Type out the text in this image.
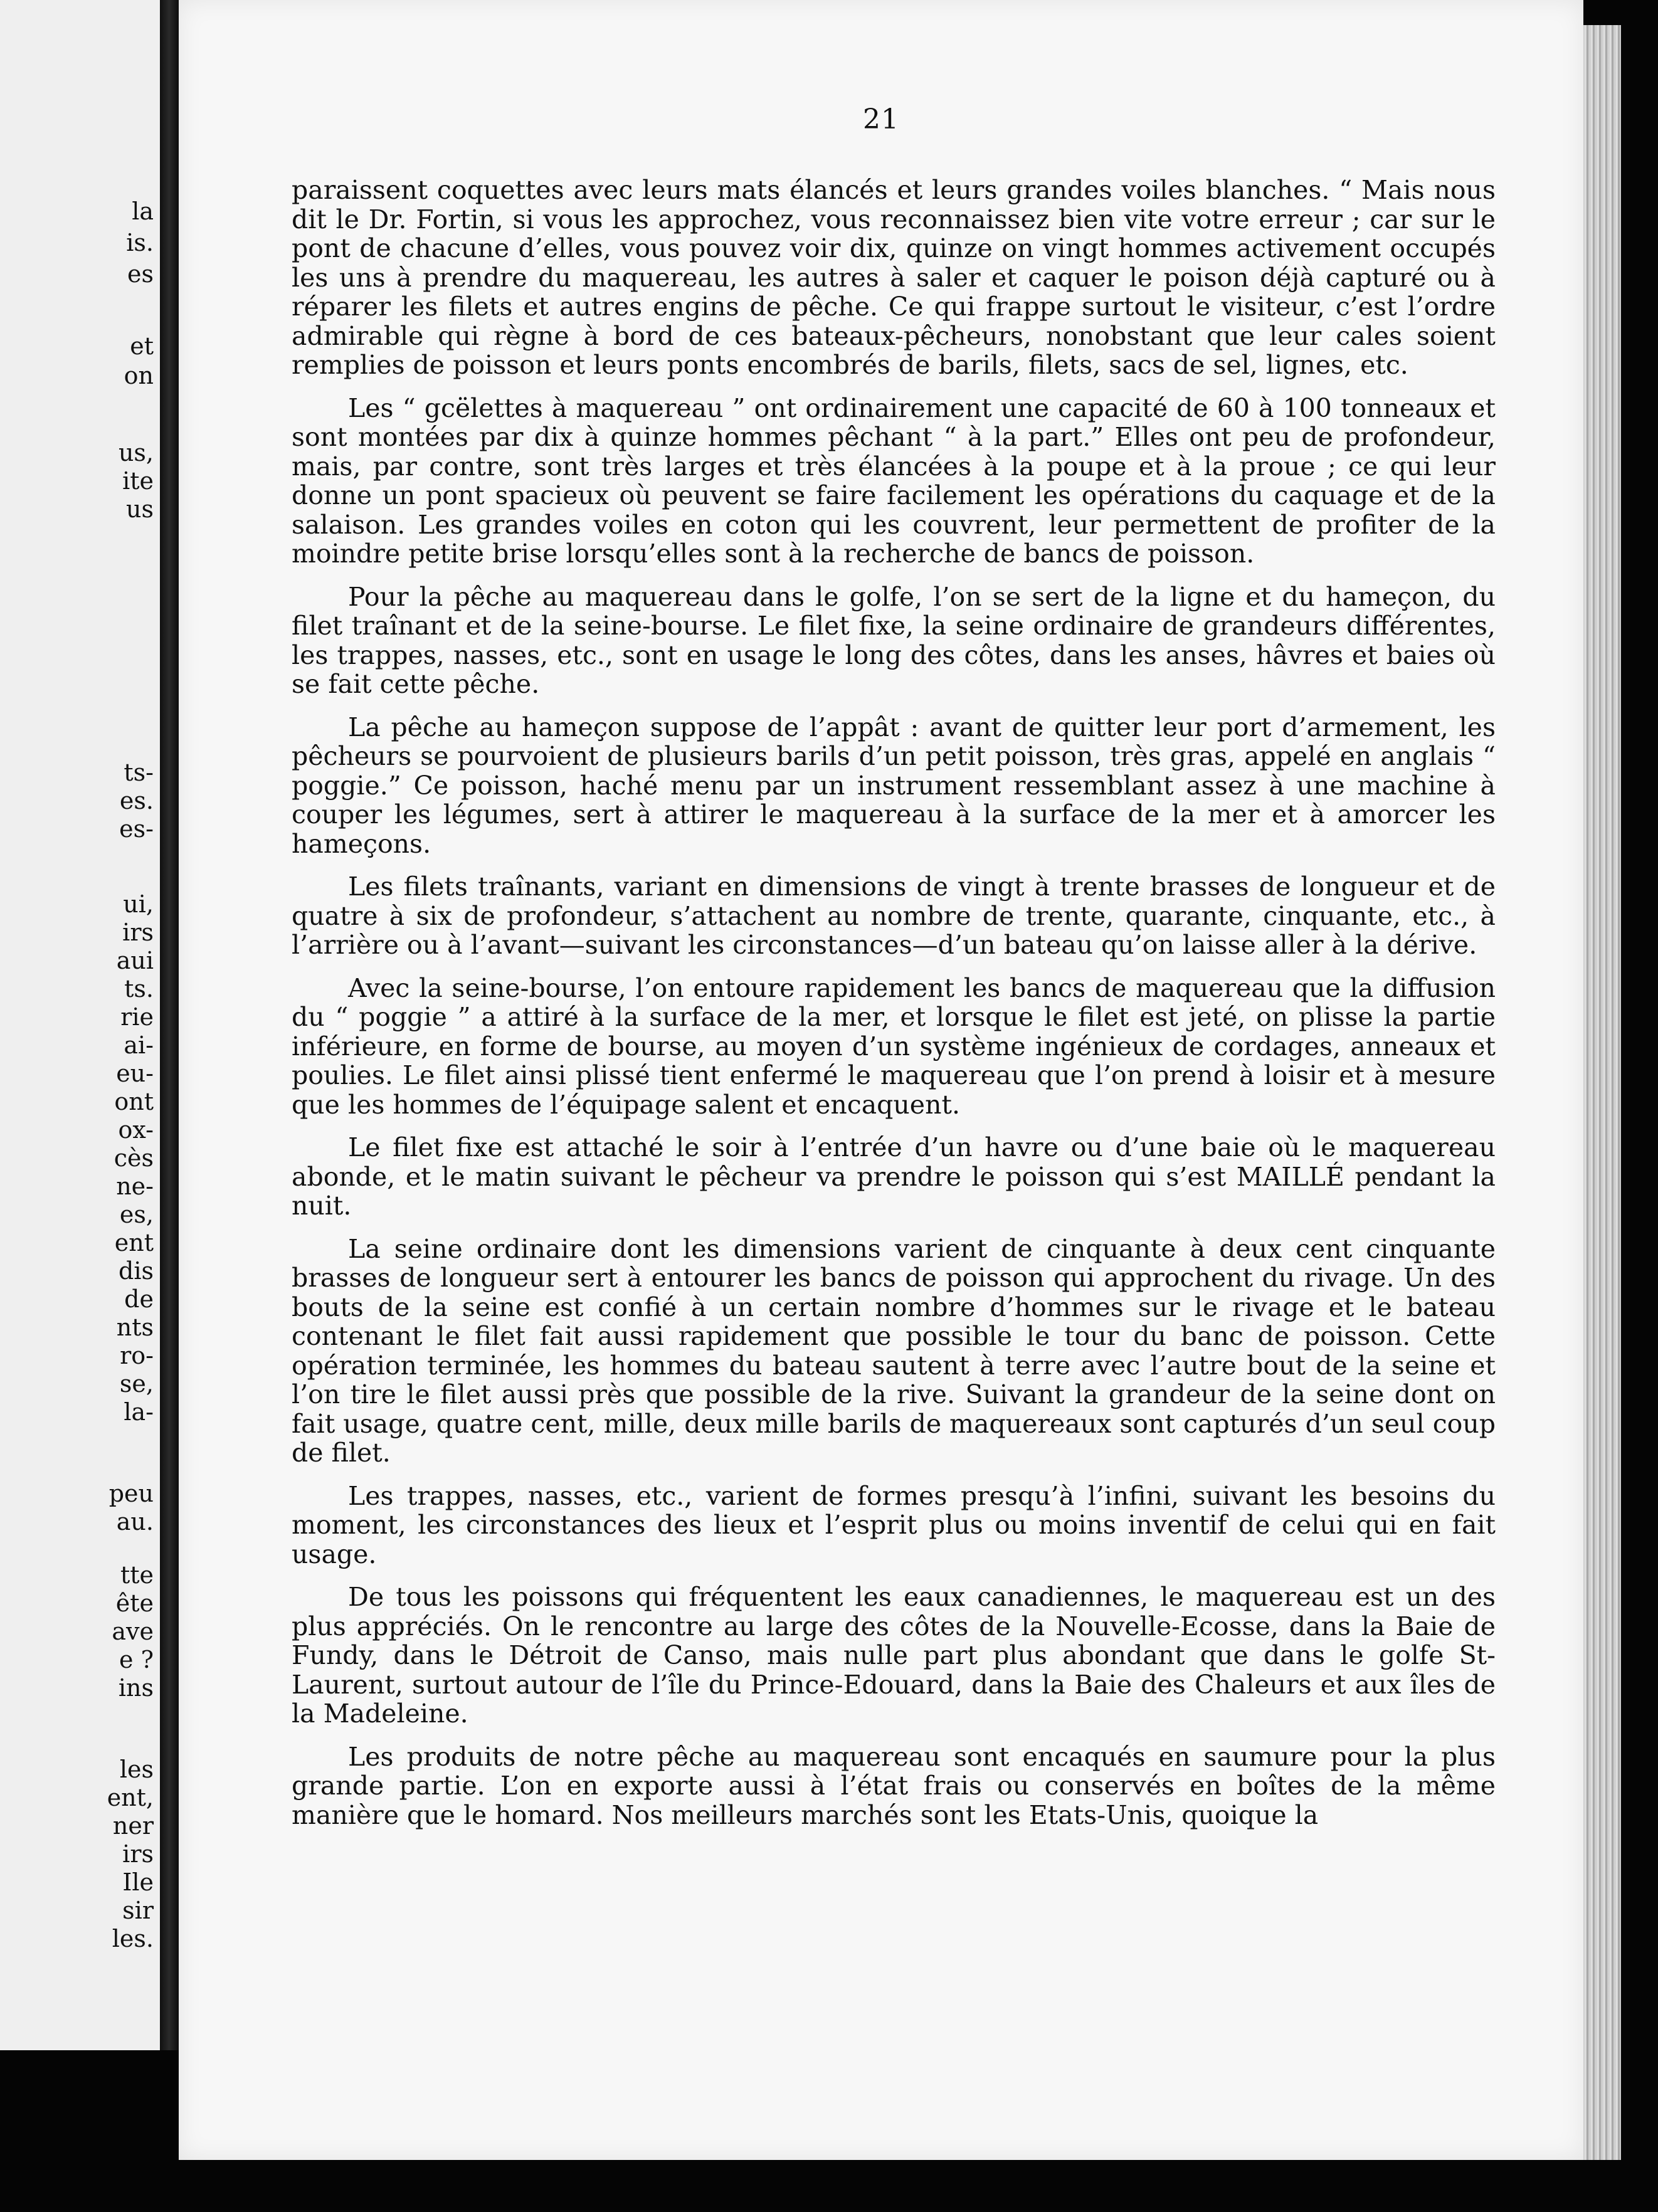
la
is.
es
et
on
us,
ite
us
ts-
es.
es-
ui,
irs
aui
ts.
rie
ai-
eu-
ont
ox-
cès
ne-
es,
ent
dis
de
nts
ro-
se,
la-
peu
au.
tte
ête
ave
e ?
ins
les
ent,
ner
irs
Ile
sir
les.
21

paraissent coquettes avec leurs mats élancés et leurs grandes voiles blanches. “ Mais nous dit le Dr. Fortin, si vous les approchez, vous reconnaissez bien vite votre erreur ; car sur le pont de chacune d’elles, vous pouvez voir dix, quinze on vingt hommes activement occupés les uns à prendre du maquereau, les autres à saler et caquer le poison déjà capturé ou à réparer les filets et autres engins de pêche. Ce qui frappe surtout le visiteur, c’est l’ordre admirable qui règne à bord de ces bateaux-pêcheurs, nonobstant que leur cales soient remplies de poisson et leurs ponts encombrés de barils, filets, sacs de sel, lignes, etc.

Les “ gcëlettes à maquereau ” ont ordinairement une capacité de 60 à 100 tonneaux et sont montées par dix à quinze hommes pêchant “ à la part.” Elles ont peu de profondeur, mais, par contre, sont très larges et très élancées à la poupe et à la proue ; ce qui leur donne un pont spacieux où peuvent se faire facilement les opérations du caquage et de la salaison. Les grandes voiles en coton qui les couvrent, leur permettent de profiter de la moindre petite brise lorsqu’elles sont à la recherche de bancs de poisson.

Pour la pêche au maquereau dans le golfe, l’on se sert de la ligne et du hameçon, du filet traînant et de la seine-bourse. Le filet fixe, la seine ordinaire de grandeurs différentes, les trappes, nasses, etc., sont en usage le long des côtes, dans les anses, hâvres et baies où se fait cette pêche.

La pêche au hameçon suppose de l’appât : avant de quitter leur port d’armement, les pêcheurs se pourvoient de plusieurs barils d’un petit poisson, très gras, appelé en anglais “ poggie.” Ce poisson, haché menu par un instrument ressemblant assez à une machine à couper les légumes, sert à attirer le maquereau à la surface de la mer et à amorcer les hameçons.

Les filets traînants, variant en dimensions de vingt à trente brasses de longueur et de quatre à six de profondeur, s’attachent au nombre de trente, quarante, cinquante, etc., à l’arrière ou à l’avant—suivant les circonstances—d’un bateau qu’on laisse aller à la dérive.

Avec la seine-bourse, l’on entoure rapidement les bancs de maquereau que la diffusion du “ poggie ” a attiré à la surface de la mer, et lorsque le filet est jeté, on plisse la partie inférieure, en forme de bourse, au moyen d’un système ingénieux de cordages, anneaux et poulies. Le filet ainsi plissé tient enfermé le maquereau que l’on prend à loisir et à mesure que les hommes de l’équipage salent et encaquent.

Le filet fixe est attaché le soir à l’entrée d’un havre ou d’une baie où le maquereau abonde, et le matin suivant le pêcheur va prendre le poisson qui s’est MAILLÉ pendant la nuit.

La seine ordinaire dont les dimensions varient de cinquante à deux cent cinquante brasses de longueur sert à entourer les bancs de poisson qui approchent du rivage. Un des bouts de la seine est confié à un certain nombre d’hommes sur le rivage et le bateau contenant le filet fait aussi rapidement que possible le tour du banc de poisson. Cette opération terminée, les hommes du bateau sautent à terre avec l’autre bout de la seine et l’on tire le filet aussi près que possible de la rive. Suivant la grandeur de la seine dont on fait usage, quatre cent, mille, deux mille barils de maquereaux sont capturés d’un seul coup de filet.

Les trappes, nasses, etc., varient de formes presqu’à l’infini, suivant les besoins du moment, les circonstances des lieux et l’esprit plus ou moins inventif de celui qui en fait usage.

De tous les poissons qui fréquentent les eaux canadiennes, le maquereau est un des plus appréciés. On le rencontre au large des côtes de la Nouvelle-Ecosse, dans la Baie de Fundy, dans le Détroit de Canso, mais nulle part plus abondant que dans le golfe St-Laurent, surtout autour de l’île du Prince-Edouard, dans la Baie des Chaleurs et aux îles de la Madeleine.

Les produits de notre pêche au maquereau sont encaqués en saumure pour la plus grande partie. L’on en exporte aussi à l’état frais ou conservés en boîtes de la même manière que le homard. Nos meilleurs marchés sont les Etats-Unis, quoique la
